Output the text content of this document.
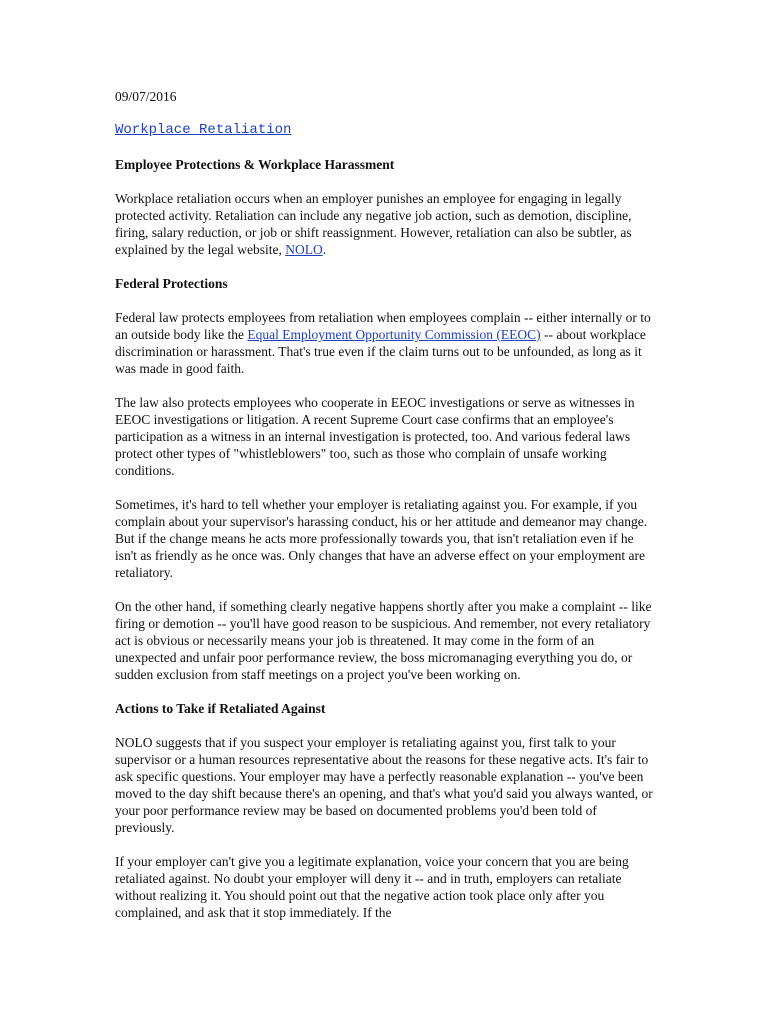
09/07/2016

Workplace Retaliation
Employee Protections & Workplace Harassment

Workplace retaliation occurs when an employer punishes an employee for engaging in legally protected activity. Retaliation can include any negative job action, such as demotion, discipline, firing, salary reduction, or job or shift reassignment. However, retaliation can also be subtler, as explained by the legal website, NOLO.

Federal Protections

Federal law protects employees from retaliation when employees complain -- either internally or to an outside body like the Equal Employment Opportunity Commission (EEOC) -- about workplace discrimination or harassment. That's true even if the claim turns out to be unfounded, as long as it was made in good faith.

The law also protects employees who cooperate in EEOC investigations or serve as witnesses in EEOC investigations or litigation. A recent Supreme Court case confirms that an employee's participation as a witness in an internal investigation is protected, too. And various federal laws protect other types of "whistleblowers" too, such as those who complain of unsafe working conditions.

Sometimes, it's hard to tell whether your employer is retaliating against you. For example, if you complain about your supervisor's harassing conduct, his or her attitude and demeanor may change. But if the change means he acts more professionally towards you, that isn't retaliation even if he isn't as friendly as he once was. Only changes that have an adverse effect on your employment are retaliatory.

On the other hand, if something clearly negative happens shortly after you make a complaint -- like firing or demotion -- you'll have good reason to be suspicious. And remember, not every retaliatory act is obvious or necessarily means your job is threatened. It may come in the form of an unexpected and unfair poor performance review, the boss micromanaging everything you do, or sudden exclusion from staff meetings on a project you've been working on.

Actions to Take if Retaliated Against

NOLO suggests that if you suspect your employer is retaliating against you, first talk to your supervisor or a human resources representative about the reasons for these negative acts. It's fair to ask specific questions. Your employer may have a perfectly reasonable explanation -- you've been moved to the day shift because there's an opening, and that's what you'd said you always wanted, or your poor performance review may be based on documented problems you'd been told of previously.

If your employer can't give you a legitimate explanation, voice your concern that you are being retaliated against. No doubt your employer will deny it -- and in truth, employers can retaliate without realizing it. You should point out that the negative action took place only after you complained, and ask that it stop immediately. If the
